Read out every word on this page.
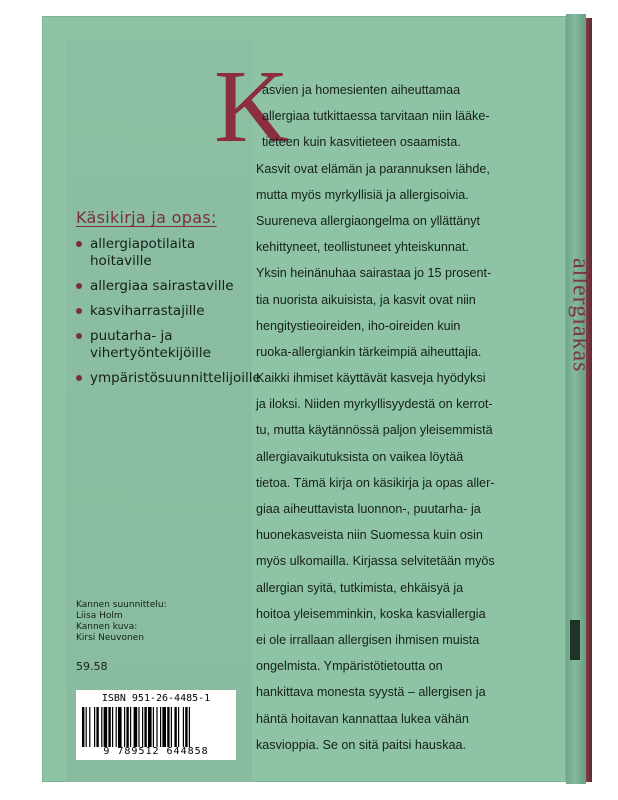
allergiakas
Käsikirja ja opas:
allergiapotilaita hoitaville
allergiaa sairastaville
kasviharrastajille
puutarha- ja
vihertyöntekijöille
ympäristösuunnittelijoille
Kannen suunnittelu:
Liisa Holm
Kannen kuva:
Kirsi Neuvonen
59.58
ISBN 951-26-4485-1
9 789512 644858
K
asvien ja homesienten aiheuttamaa
allergiaa tutkittaessa tarvitaan niin lääke-
tieteen kuin kasvitieteen osaamista.
Kasvit ovat elämän ja parannuksen lähde,
mutta myös myrkyllisiä ja allergisoivia.
Suureneva allergiaongelma on yllättänyt
kehittyneet, teollistuneet yhteiskunnat.
Yksin heinänuhaa sairastaa jo 15 prosent-
tia nuorista aikuisista, ja kasvit ovat niin
hengitystieoireiden, iho-oireiden kuin
ruoka-allergiankin tärkeimpiä aiheuttajia.
Kaikki ihmiset käyttävät kasveja hyödyksi
ja iloksi. Niiden myrkyllisyydestä on kerrot-
tu, mutta käytännössä paljon yleisemmistä
allergiavaikutuksista on vaikea löytää
tietoa. Tämä kirja on käsikirja ja opas aller-
giaa aiheuttavista luonnon-, puutarha- ja
huonekasveista niin Suomessa kuin osin
myös ulkomailla. Kirjassa selvitetään myös
allergian syitä, tutkimista, ehkäisyä ja
hoitoa yleisemminkin, koska kasviallergia
ei ole irrallaan allergisen ihmisen muista
ongelmista. Ympäristötietoutta on
hankittava monesta syystä – allergisen ja
häntä hoitavan kannattaa lukea vähän
kasvioppia. Se on sitä paitsi hauskaa.
